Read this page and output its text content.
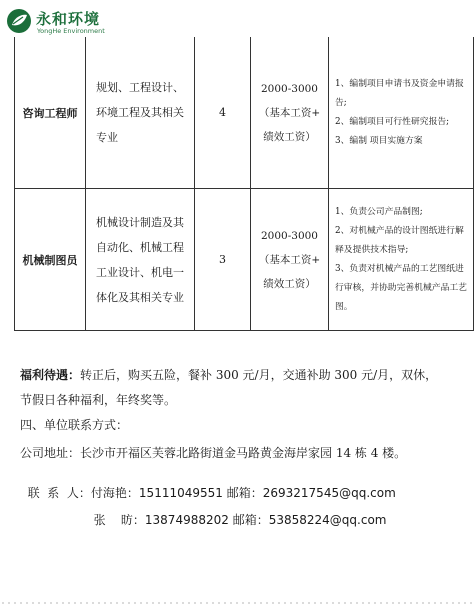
永和环境
YongHe Environment
咨询工程师
规划、工程设计、环境工程及其相关专业
4
2000-3000
（基本工资+
绩效工资）
1、编制项目申请书及资金申请报告;
2、编制项目可行性研究报告;
3、编制 项目实施方案
机械制图员
机械设计制造及其自动化、机械工程工业设计、机电一体化及其相关专业
3
2000-3000
（基本工资+
绩效工资）
1、负责公司产品制图;
2、对机械产品的设计图纸进行解释及提供技术指导;
3、负责对机械产品的工艺图纸进行审核，并协助完善机械产品工艺图。
福利待遇：转正后，购买五险，餐补 300 元/月，交通补助 300 元/月，双休，
节假日各种福利，年终奖等。
四、单位联系方式：
公司地址：长沙市开福区芙蓉北路街道金马路黄金海岸家园 14 栋 4 楼。

联  系  人：付海艳：15111049551 邮箱：2693217545@qq.com

张    昉：13874988202 邮箱：53858224@qq.com
